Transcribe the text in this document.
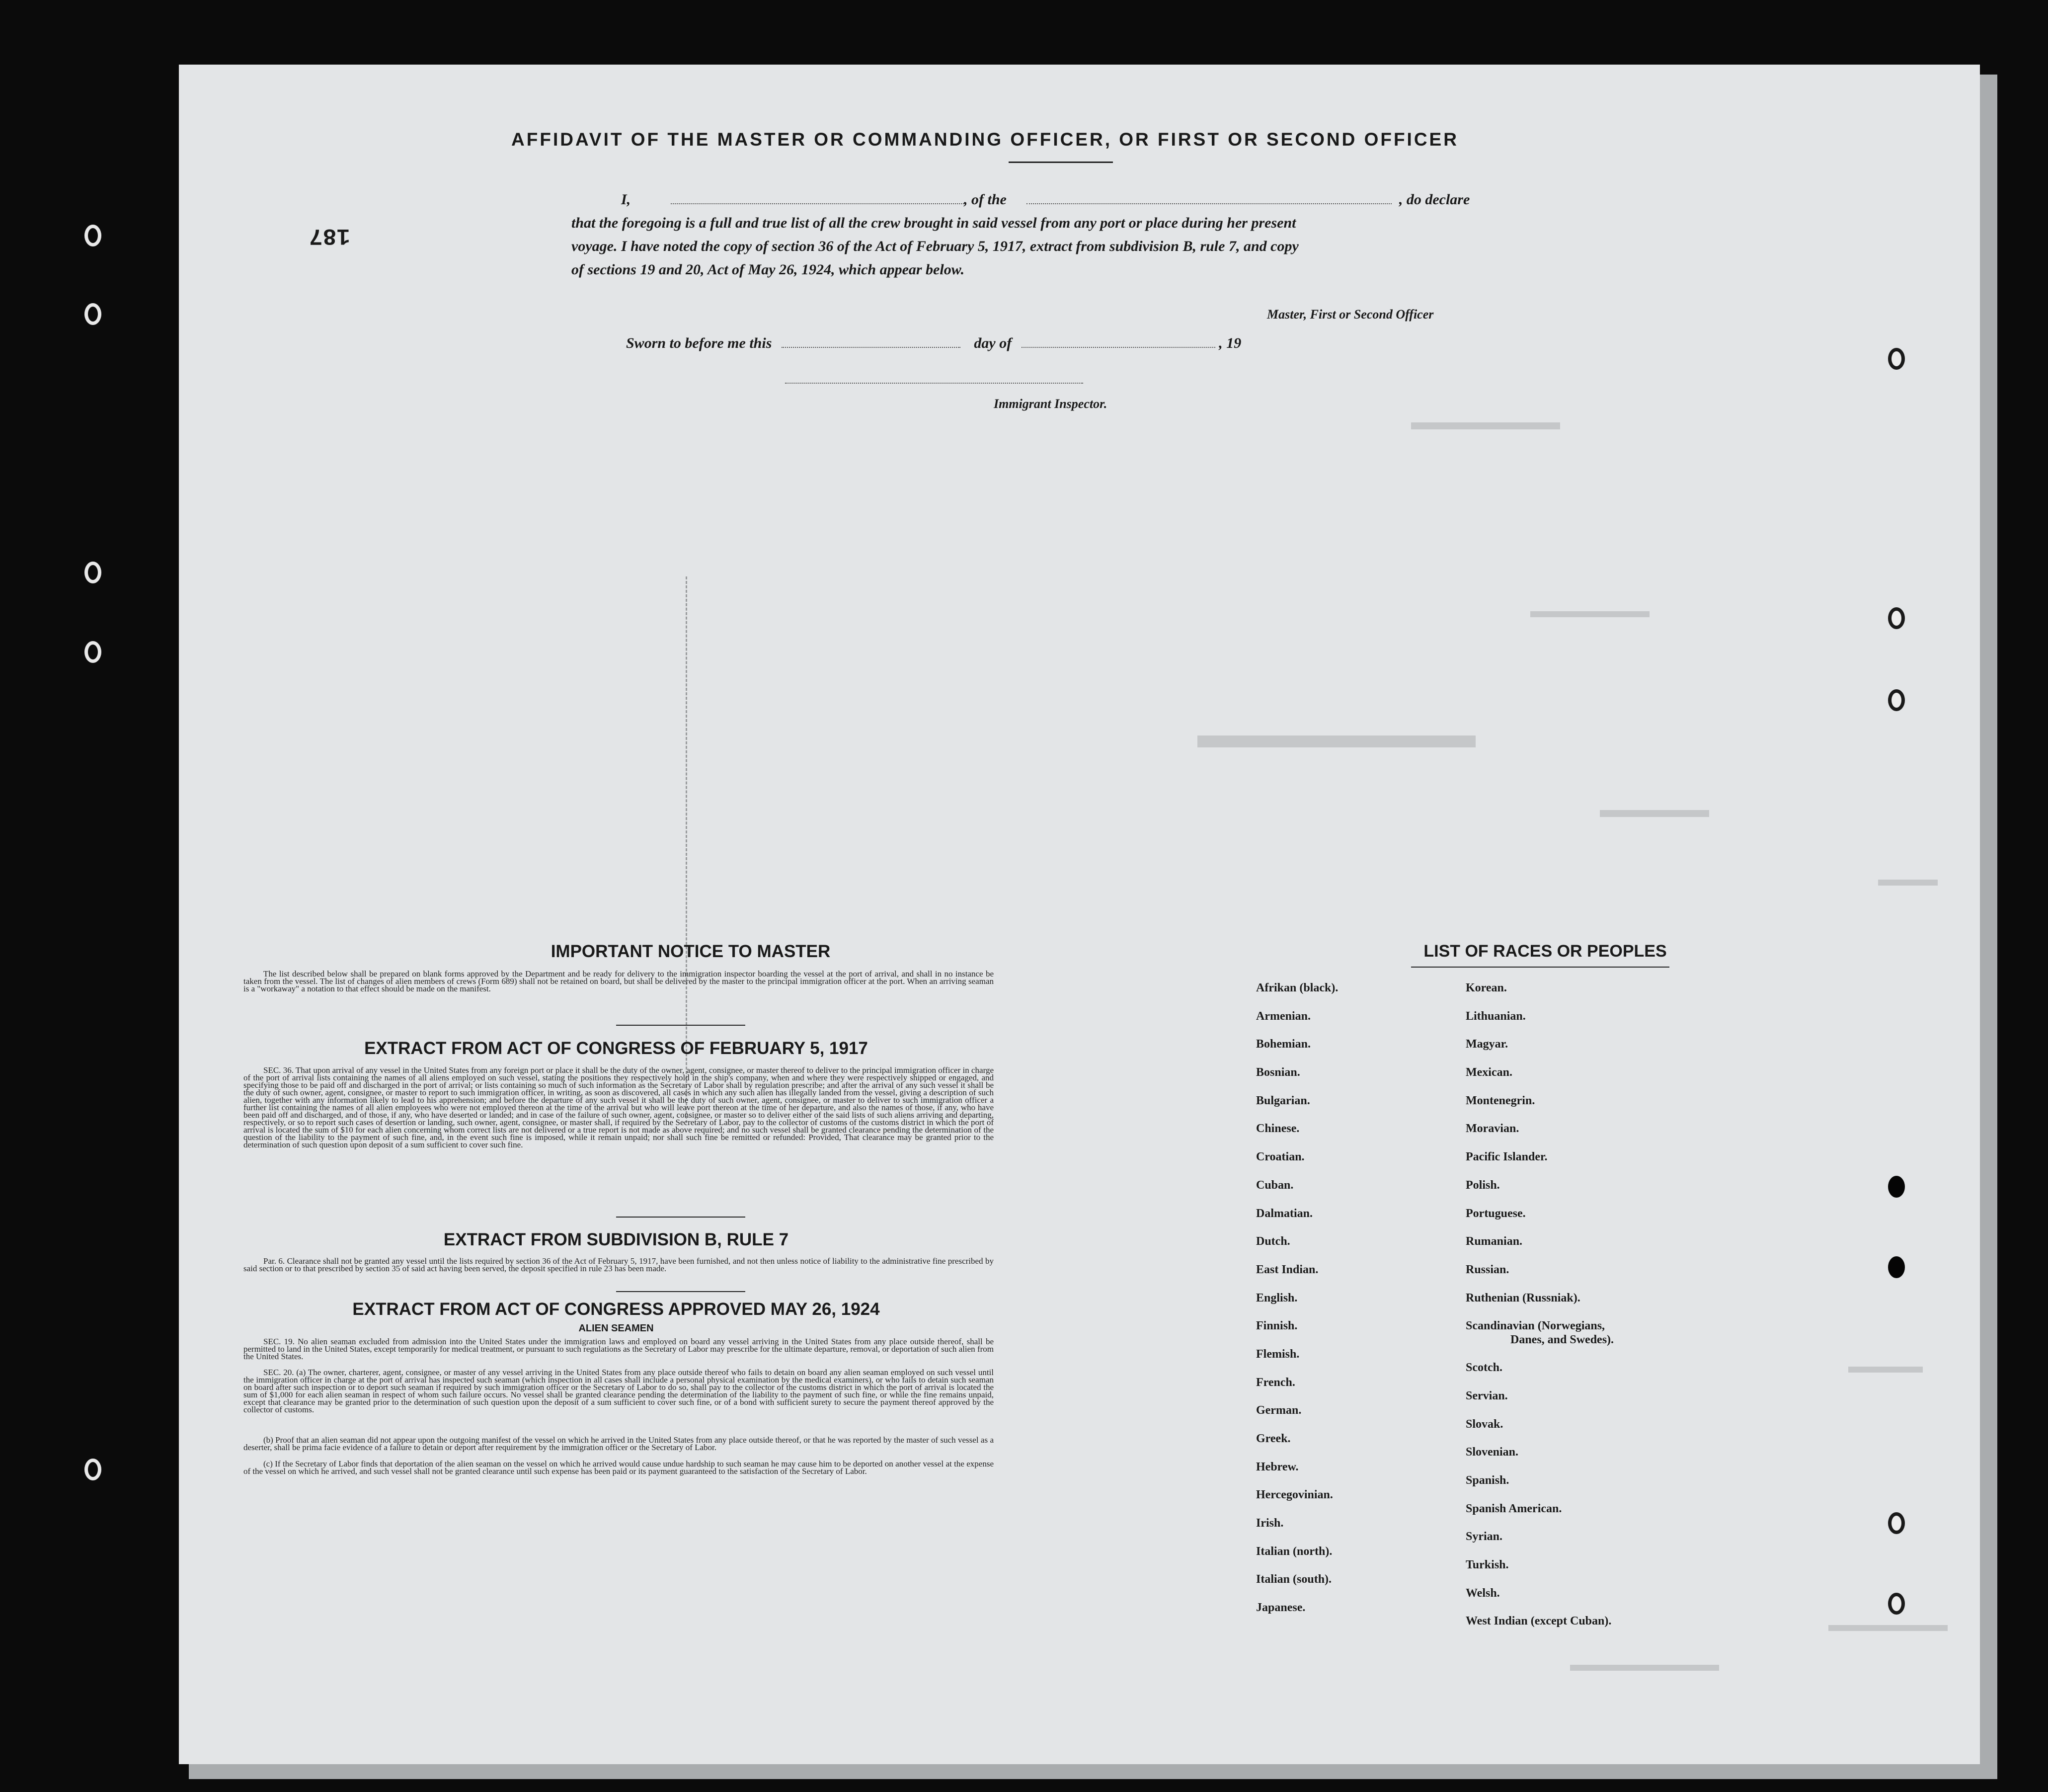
AFFIDAVIT OF THE MASTER OR COMMANDING OFFICER, OR FIRST OR SECOND OFFICER
I,	, of the	, do declare
that the foregoing is a full and true list of all the crew brought in said vessel from any port or place during her present
voyage. I have noted the copy of section 36 of the Act of February 5, 1917, extract from subdivision B, rule 7, and copy
of sections 19 and 20, Act of May 26, 1924, which appear below.
Master, First or Second Officer
Sworn to before me this	day of	, 19
Immigrant Inspector.
187
IMPORTANT NOTICE TO MASTER
The list described below shall be prepared on blank forms approved by the Department and be ready for delivery to the immigration inspector boarding the vessel at the port of arrival, and shall in no instance be taken from the vessel. The list of changes of alien members of crews (Form 689) shall not be retained on board, but shall be delivered by the master to the principal immigration officer at the port. When an arriving seaman is a "workaway" a notation to that effect should be made on the manifest.
EXTRACT FROM ACT OF CONGRESS OF FEBRUARY 5, 1917
SEC. 36. That upon arrival of any vessel in the United States from any foreign port or place it shall be the duty of the owner, agent, consignee, or master thereof to deliver to the principal immigration officer in charge of the port of arrival lists containing the names of all aliens employed on such vessel, stating the positions they respectively hold in the ship's company, when and where they were respectively shipped or engaged, and specifying those to be paid off and discharged in the port of arrival; or lists containing so much of such information as the Secretary of Labor shall by regulation prescribe; and after the arrival of any such vessel it shall be the duty of such owner, agent, consignee, or master to report to such immigration officer, in writing, as soon as discovered, all cases in which any such alien has illegally landed from the vessel, giving a description of such alien, together with any information likely to lead to his apprehension; and before the departure of any such vessel it shall be the duty of such owner, agent, consignee, or master to deliver to such immigration officer a further list containing the names of all alien employees who were not employed thereon at the time of the arrival but who will leave port thereon at the time of her departure, and also the names of those, if any, who have been paid off and discharged, and of those, if any, who have deserted or landed; and in case of the failure of such owner, agent, consignee, or master so to deliver either of the said lists of such aliens arriving and departing, respectively, or so to report such cases of desertion or landing, such owner, agent, consignee, or master shall, if required by the Secretary of Labor, pay to the collector of customs of the customs district in which the port of arrival is located the sum of $10 for each alien concerning whom correct lists are not delivered or a true report is not made as above required; and no such vessel shall be granted clearance pending the determination of the question of the liability to the payment of such fine, and, in the event such fine is imposed, while it remain unpaid; nor shall such fine be remitted or refunded: Provided, That clearance may be granted prior to the determination of such question upon deposit of a sum sufficient to cover such fine.
EXTRACT FROM SUBDIVISION B, RULE 7
Par. 6. Clearance shall not be granted any vessel until the lists required by section 36 of the Act of February 5, 1917, have been furnished, and not then unless notice of liability to the administrative fine prescribed by said section or to that prescribed by section 35 of said act having been served, the deposit specified in rule 23 has been made.
EXTRACT FROM ACT OF CONGRESS APPROVED MAY 26, 1924
ALIEN SEAMEN
SEC. 19. No alien seaman excluded from admission into the United States under the immigration laws and employed on board any vessel arriving in the United States from any place outside thereof, shall be permitted to land in the United States, except temporarily for medical treatment, or pursuant to such regulations as the Secretary of Labor may prescribe for the ultimate departure, removal, or deportation of such alien from the United States.
SEC. 20. (a) The owner, charterer, agent, consignee, or master of any vessel arriving in the United States from any place outside thereof who fails to detain on board any alien seaman employed on such vessel until the immigration officer in charge at the port of arrival has inspected such seaman (which inspection in all cases shall include a personal physical examination by the medical examiners), or who fails to detain such seaman on board after such inspection or to deport such seaman if required by such immigration officer or the Secretary of Labor to do so, shall pay to the collector of the customs district in which the port of arrival is located the sum of $1,000 for each alien seaman in respect of whom such failure occurs. No vessel shall be granted clearance pending the determination of the liability to the payment of such fine, or while the fine remains unpaid, except that clearance may be granted prior to the determination of such question upon the deposit of a sum sufficient to cover such fine, or of a bond with sufficient surety to secure the payment thereof approved by the collector of customs.
(b) Proof that an alien seaman did not appear upon the outgoing manifest of the vessel on which he arrived in the United States from any place outside thereof, or that he was reported by the master of such vessel as a deserter, shall be prima facie evidence of a failure to detain or deport after requirement by the immigration officer or the Secretary of Labor.
(c) If the Secretary of Labor finds that deportation of the alien seaman on the vessel on which he arrived would cause undue hardship to such seaman he may cause him to be deported on another vessel at the expense of the vessel on which he arrived, and such vessel shall not be granted clearance until such expense has been paid or its payment guaranteed to the satisfaction of the Secretary of Labor.
LIST OF RACES OR PEOPLES
Afrikan (black).
Armenian.
Bohemian.
Bosnian.
Bulgarian.
Chinese.
Croatian.
Cuban.
Dalmatian.
Dutch.
East Indian.
English.
Finnish.
Flemish.
French.
German.
Greek.
Hebrew.
Hercegovinian.
Irish.
Italian (north).
Italian (south).
Japanese.
Korean.
Lithuanian.
Magyar.
Mexican.
Montenegrin.
Moravian.
Pacific Islander.
Polish.
Portuguese.
Rumanian.
Russian.
Ruthenian (Russniak).
Scandinavian (Norwegians,
Danes, and Swedes).
Scotch.
Servian.
Slovak.
Slovenian.
Spanish.
Spanish American.
Syrian.
Turkish.
Welsh.
West Indian (except Cuban).
